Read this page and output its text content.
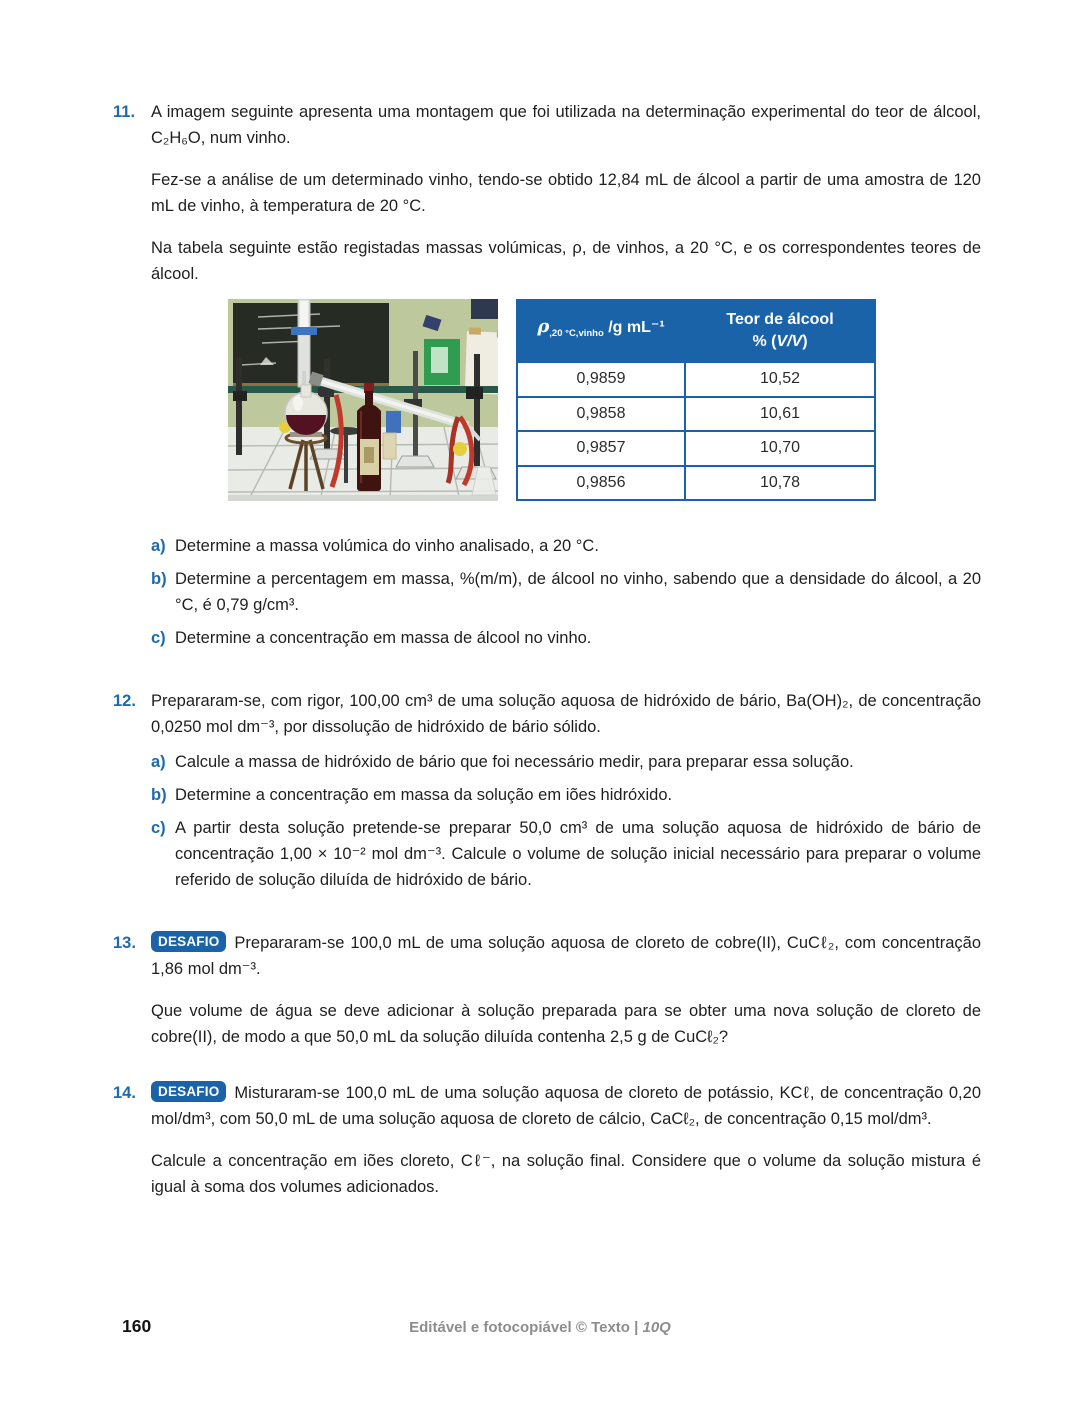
11. A imagem seguinte apresenta uma montagem que foi utilizada na determinação experimental do teor de álcool, C₂H₆O, num vinho.

Fez-se a análise de um determinado vinho, tendo-se obtido 12,84 mL de álcool a partir de uma amostra de 120 mL de vinho, à temperatura de 20 °C.

Na tabela seguinte estão registadas massas volúmicas, ρ, de vinhos, a 20 °C, e os correspondentes teores de álcool.

$\rho_{,20 ^\circ C,vinho}$ /g mL⁻¹	Teor de álcool
% (V/V)

0,9859	10,52
0,9858	10,61
0,9857	10,70
0,9856	10,78
a) Determine a massa volúmica do vinho analisado, a 20 °C.
b) Determine a percentagem em massa, %(m/m), de álcool no vinho, sabendo que a densidade do álcool, a 20 °C, é 0,79 g/cm³.
c) Determine a concentração em massa de álcool no vinho.
12. Prepararam-se, com rigor, 100,00 cm³ de uma solução aquosa de hidróxido de bário, Ba(OH)₂, de concentração 0,0250 mol dm⁻³, por dissolução de hidróxido de bário sólido.

a) Calcule a massa de hidróxido de bário que foi necessário medir, para preparar essa solução.
b) Determine a concentração em massa da solução em iões hidróxido.
c) A partir desta solução pretende-se preparar 50,0 cm³ de uma solução aquosa de hidróxido de bário de concentração 1,00 × 10⁻² mol dm⁻³. Calcule o volume de solução inicial necessário para preparar o volume referido de solução diluída de hidróxido de bário.
13.	DESAFIO Prepararam-se 100,0 mL de uma solução aquosa de cloreto de cobre(II), CuCℓ₂, com concentração 1,86 mol dm⁻³.

Que volume de água se deve adicionar à solução preparada para se obter uma nova solução de cloreto de cobre(II), de modo a que 50,0 mL da solução diluída contenha 2,5 g de CuCℓ₂?

14.	DESAFIO Misturaram-se 100,0 mL de uma solução aquosa de cloreto de potássio, KCℓ, de concentração 0,20 mol/dm³, com 50,0 mL de uma solução aquosa de cloreto de cálcio, CaCℓ₂, de concentração 0,15 mol/dm³.

Calcule a concentração em iões cloreto, Cℓ⁻, na solução final. Considere que o volume da solução mistura é igual à soma dos volumes adicionados.

160	Editável e fotocopiável © Texto | 10Q
